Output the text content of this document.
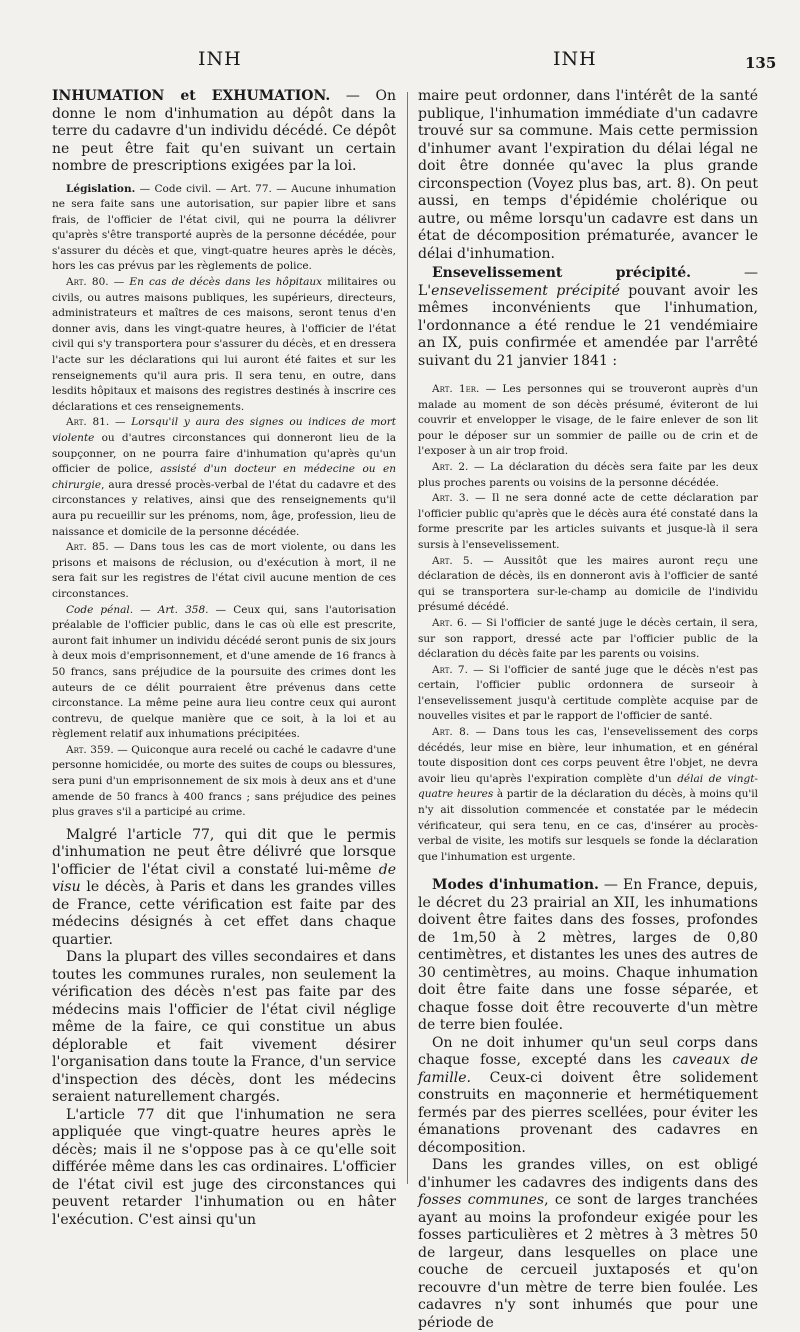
INH	INH	135

INHUMATION et EXHUMATION. — On donne le nom d'inhumation au dépôt dans la terre du cadavre d'un individu décédé. Ce dépôt ne peut être fait qu'en suivant un certain nombre de prescriptions exigées par la loi.

Législation. — Code civil. — Art. 77. — Aucune inhumation ne sera faite sans une autorisation, sur papier libre et sans frais, de l'officier de l'état civil, qui ne pourra la délivrer qu'après s'être transporté auprès de la personne décédée, pour s'assurer du décès et que, vingt-quatre heures après le décès, hors les cas prévus par les règlements de police.

Art. 80. — En cas de décès dans les hôpitaux militaires ou civils, ou autres maisons publiques, les supérieurs, directeurs, administrateurs et maîtres de ces maisons, seront tenus d'en donner avis, dans les vingt-quatre heures, à l'officier de l'état civil qui s'y transportera pour s'assurer du décès, et en dressera l'acte sur les déclarations qui lui auront été faites et sur les renseignements qu'il aura pris. Il sera tenu, en outre, dans lesdits hôpitaux et maisons des registres destinés à inscrire ces déclarations et ces renseignements.

Art. 81. — Lorsqu'il y aura des signes ou indices de mort violente ou d'autres circonstances qui donneront lieu de la soupçonner, on ne pourra faire d'inhumation qu'après qu'un officier de police, assisté d'un docteur en médecine ou en chirurgie, aura dressé procès-verbal de l'état du cadavre et des circonstances y relatives, ainsi que des renseignements qu'il aura pu recueillir sur les prénoms, nom, âge, profession, lieu de naissance et domicile de la personne décédée.

Art. 85. — Dans tous les cas de mort violente, ou dans les prisons et maisons de réclusion, ou d'exécution à mort, il ne sera fait sur les registres de l'état civil aucune mention de ces circonstances.

Code pénal. — Art. 358. — Ceux qui, sans l'autorisation préalable de l'officier public, dans le cas où elle est prescrite, auront fait inhumer un individu décédé seront punis de six jours à deux mois d'emprisonnement, et d'une amende de 16 francs à 50 francs, sans préjudice de la poursuite des crimes dont les auteurs de ce délit pourraient être prévenus dans cette circonstance. La même peine aura lieu contre ceux qui auront contrevu, de quelque manière que ce soit, à la loi et au règlement relatif aux inhumations précipitées.

Art. 359. — Quiconque aura recelé ou caché le cadavre d'une personne homicidée, ou morte des suites de coups ou blessures, sera puni d'un emprisonnement de six mois à deux ans et d'une amende de 50 francs à 400 francs ; sans préjudice des peines plus graves s'il a participé au crime.

Malgré l'article 77, qui dit que le permis d'inhumation ne peut être délivré que lorsque l'officier de l'état civil a constaté lui-même de visu le décès, à Paris et dans les grandes villes de France, cette vérification est faite par des médecins désignés à cet effet dans chaque quartier.

Dans la plupart des villes secondaires et dans toutes les communes rurales, non seulement la vérification des décès n'est pas faite par des médecins mais l'officier de l'état civil néglige même de la faire, ce qui constitue un abus déplorable et fait vivement désirer l'organisation dans toute la France, d'un service d'inspection des décès, dont les médecins seraient naturellement chargés.

L'article 77 dit que l'inhumation ne sera appliquée que vingt-quatre heures après le décès; mais il ne s'oppose pas à ce qu'elle soit différée même dans les cas ordinaires. L'officier de l'état civil est juge des circonstances qui peuvent retarder l'inhumation ou en hâter l'exécution. C'est ainsi qu'un

maire peut ordonner, dans l'intérêt de la santé publique, l'inhumation immédiate d'un cadavre trouvé sur sa commune. Mais cette permission d'inhumer avant l'expiration du délai légal ne doit être donnée qu'avec la plus grande circonspection (Voyez plus bas, art. 8). On peut aussi, en temps d'épidémie cholérique ou autre, ou même lorsqu'un cadavre est dans un état de décomposition prématurée, avancer le délai d'inhumation.

Ensevelissement précipité. — L'ensevelissement précipité pouvant avoir les mêmes inconvénients que l'inhumation, l'ordonnance a été rendue le 21 vendémiaire an IX, puis confirmée et amendée par l'arrêté suivant du 21 janvier 1841 :

Art. 1er. — Les personnes qui se trouveront auprès d'un malade au moment de son décès présumé, éviteront de lui couvrir et envelopper le visage, de le faire enlever de son lit pour le déposer sur un sommier de paille ou de crin et de l'exposer à un air trop froid.

Art. 2. — La déclaration du décès sera faite par les deux plus proches parents ou voisins de la personne décédée.

Art. 3. — Il ne sera donné acte de cette déclaration par l'officier public qu'après que le décès aura été constaté dans la forme prescrite par les articles suivants et jusque-là il sera sursis à l'ensevelissement.

Art. 5. — Aussitôt que les maires auront reçu une déclaration de décès, ils en donneront avis à l'officier de santé qui se transportera sur-le-champ au domicile de l'individu présumé décédé.

Art. 6. — Si l'officier de santé juge le décès certain, il sera, sur son rapport, dressé acte par l'officier public de la déclaration du décès faite par les parents ou voisins.

Art. 7. — Si l'officier de santé juge que le décès n'est pas certain, l'officier public ordonnera de surseoir à l'ensevelissement jusqu'à certitude complète acquise par de nouvelles visites et par le rapport de l'officier de santé.

Art. 8. — Dans tous les cas, l'ensevelissement des corps décédés, leur mise en bière, leur inhumation, et en général toute disposition dont ces corps peuvent être l'objet, ne devra avoir lieu qu'après l'expiration complète d'un délai de vingt-quatre heures à partir de la déclaration du décès, à moins qu'il n'y ait dissolution commencée et constatée par le médecin vérificateur, qui sera tenu, en ce cas, d'insérer au procès-verbal de visite, les motifs sur lesquels se fonde la déclaration que l'inhumation est urgente.

Modes d'inhumation. — En France, depuis, le décret du 23 prairial an XII, les inhumations doivent être faites dans des fosses, profondes de 1m,50 à 2 mètres, larges de 0,80 centimètres, et distantes les unes des autres de 30 centimètres, au moins. Chaque inhumation doit être faite dans une fosse séparée, et chaque fosse doit être recouverte d'un mètre de terre bien foulée.

On ne doit inhumer qu'un seul corps dans chaque fosse, excepté dans les caveaux de famille. Ceux-ci doivent être solidement construits en maçonnerie et hermétiquement fermés par des pierres scellées, pour éviter les émanations provenant des cadavres en décomposition.

Dans les grandes villes, on est obligé d'inhumer les cadavres des indigents dans des fosses communes, ce sont de larges tranchées ayant au moins la profondeur exigée pour les fosses particulières et 2 mètres à 3 mètres 50 de largeur, dans lesquelles on place une couche de cercueil juxtaposés et qu'on recouvre d'un mètre de terre bien foulée. Les cadavres n'y sont inhumés que pour une période de
